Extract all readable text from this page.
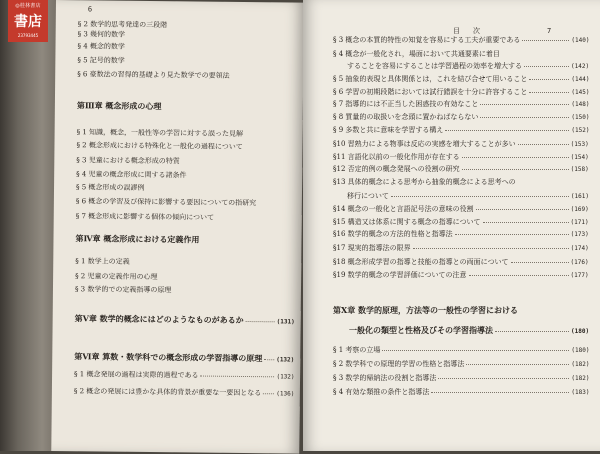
◎桂林書店
書店
23793445
6
§ 2 数学的思考発達の三段階
§ 3 幾何的数学
§ 4 概念的数学
§ 5 記号的数学
§ 6 豪数法の習得的基礎より見た数学での要領法
第Ⅲ章 概念形成の心理
§ 1 知識，概念，一般性等の学習に対する誤った見解
§ 2 概念形成における特殊化と一般化の過程について
§ 3 児童における概念形成の特質
§ 4 児童の概念形成に関する諸条件
§ 5 概念形成の誤謬例
§ 6 概念の学習及び保持に影響する要因についての指研究
§ 7 概念形成に影響する個体の傾向について
第Ⅳ章 概念形成における定義作用
§ 1 数学上の定義
§ 2 児童の定義作用の心理
§ 3 数学的での定義指導の原理
第Ⅴ章 数学的概念にはどのようなものがあるか	(131)
第Ⅵ章 算数・数学科での概念形成の学習指導の原理 (132)
§ 1 概念発展の過程は実際的過程である	(132)
§ 2 概念の発展には豊かな具体的背景が重要な一要因となる (136)
目　次	7
§ 3 概念の本質的特性の知覚を容易にする工夫が重要である	(140)
§ 4 概念が一般化され，場面において共通要素に着目
　　することを容易にすることは学習過程の効率を増大する	(142)
§ 5 抽象的表現と具体関係とは，これを結び合せて用いること	(144)
§ 6 学習の初期段階においては試行錯誤を十分に許容すること	(145)
§ 7 指導的には不正当した困惑技の有効なこと	(148)
§ 8 質量的の取扱いを念頭に置かねばならない	(150)
§ 9 多数と共に意味を学習する構え	(152)
§10 習熟力による物事は反応の実感を増大することが多い	(153)
§11 言語化以前の一般化作用が存在する	(154)
§12 否定的例の概念発展への役割の研究	(158)
§13 具体的概念による思考から抽象的概念による思考への
　　移行について	(161)
§14 概念の一般化と言語記号法の意味の役割	(169)
§15 構造又は体系に関する概念の指導について	(171)
§16 数学的概念の方法的性格と指導法	(173)
§17 現実的指導法の限界	(174)
§18 概念形成学習の指導と技能の指導との両面について	(176)
§19 数学的概念の学習評価についての注意	(177)
第Ⅹ章 数学的原理，方法等の一般性の学習における
　　一般化の類型と性格及びその学習指導法	(180)
§ 1 考察の立場	(180)
§ 2 数学科での原理的学習の性格と指導法	(182)
§ 3 数学的帰納法の役割と指導法	(182)
§ 4 有効な類推の条件と指導法	(183)
